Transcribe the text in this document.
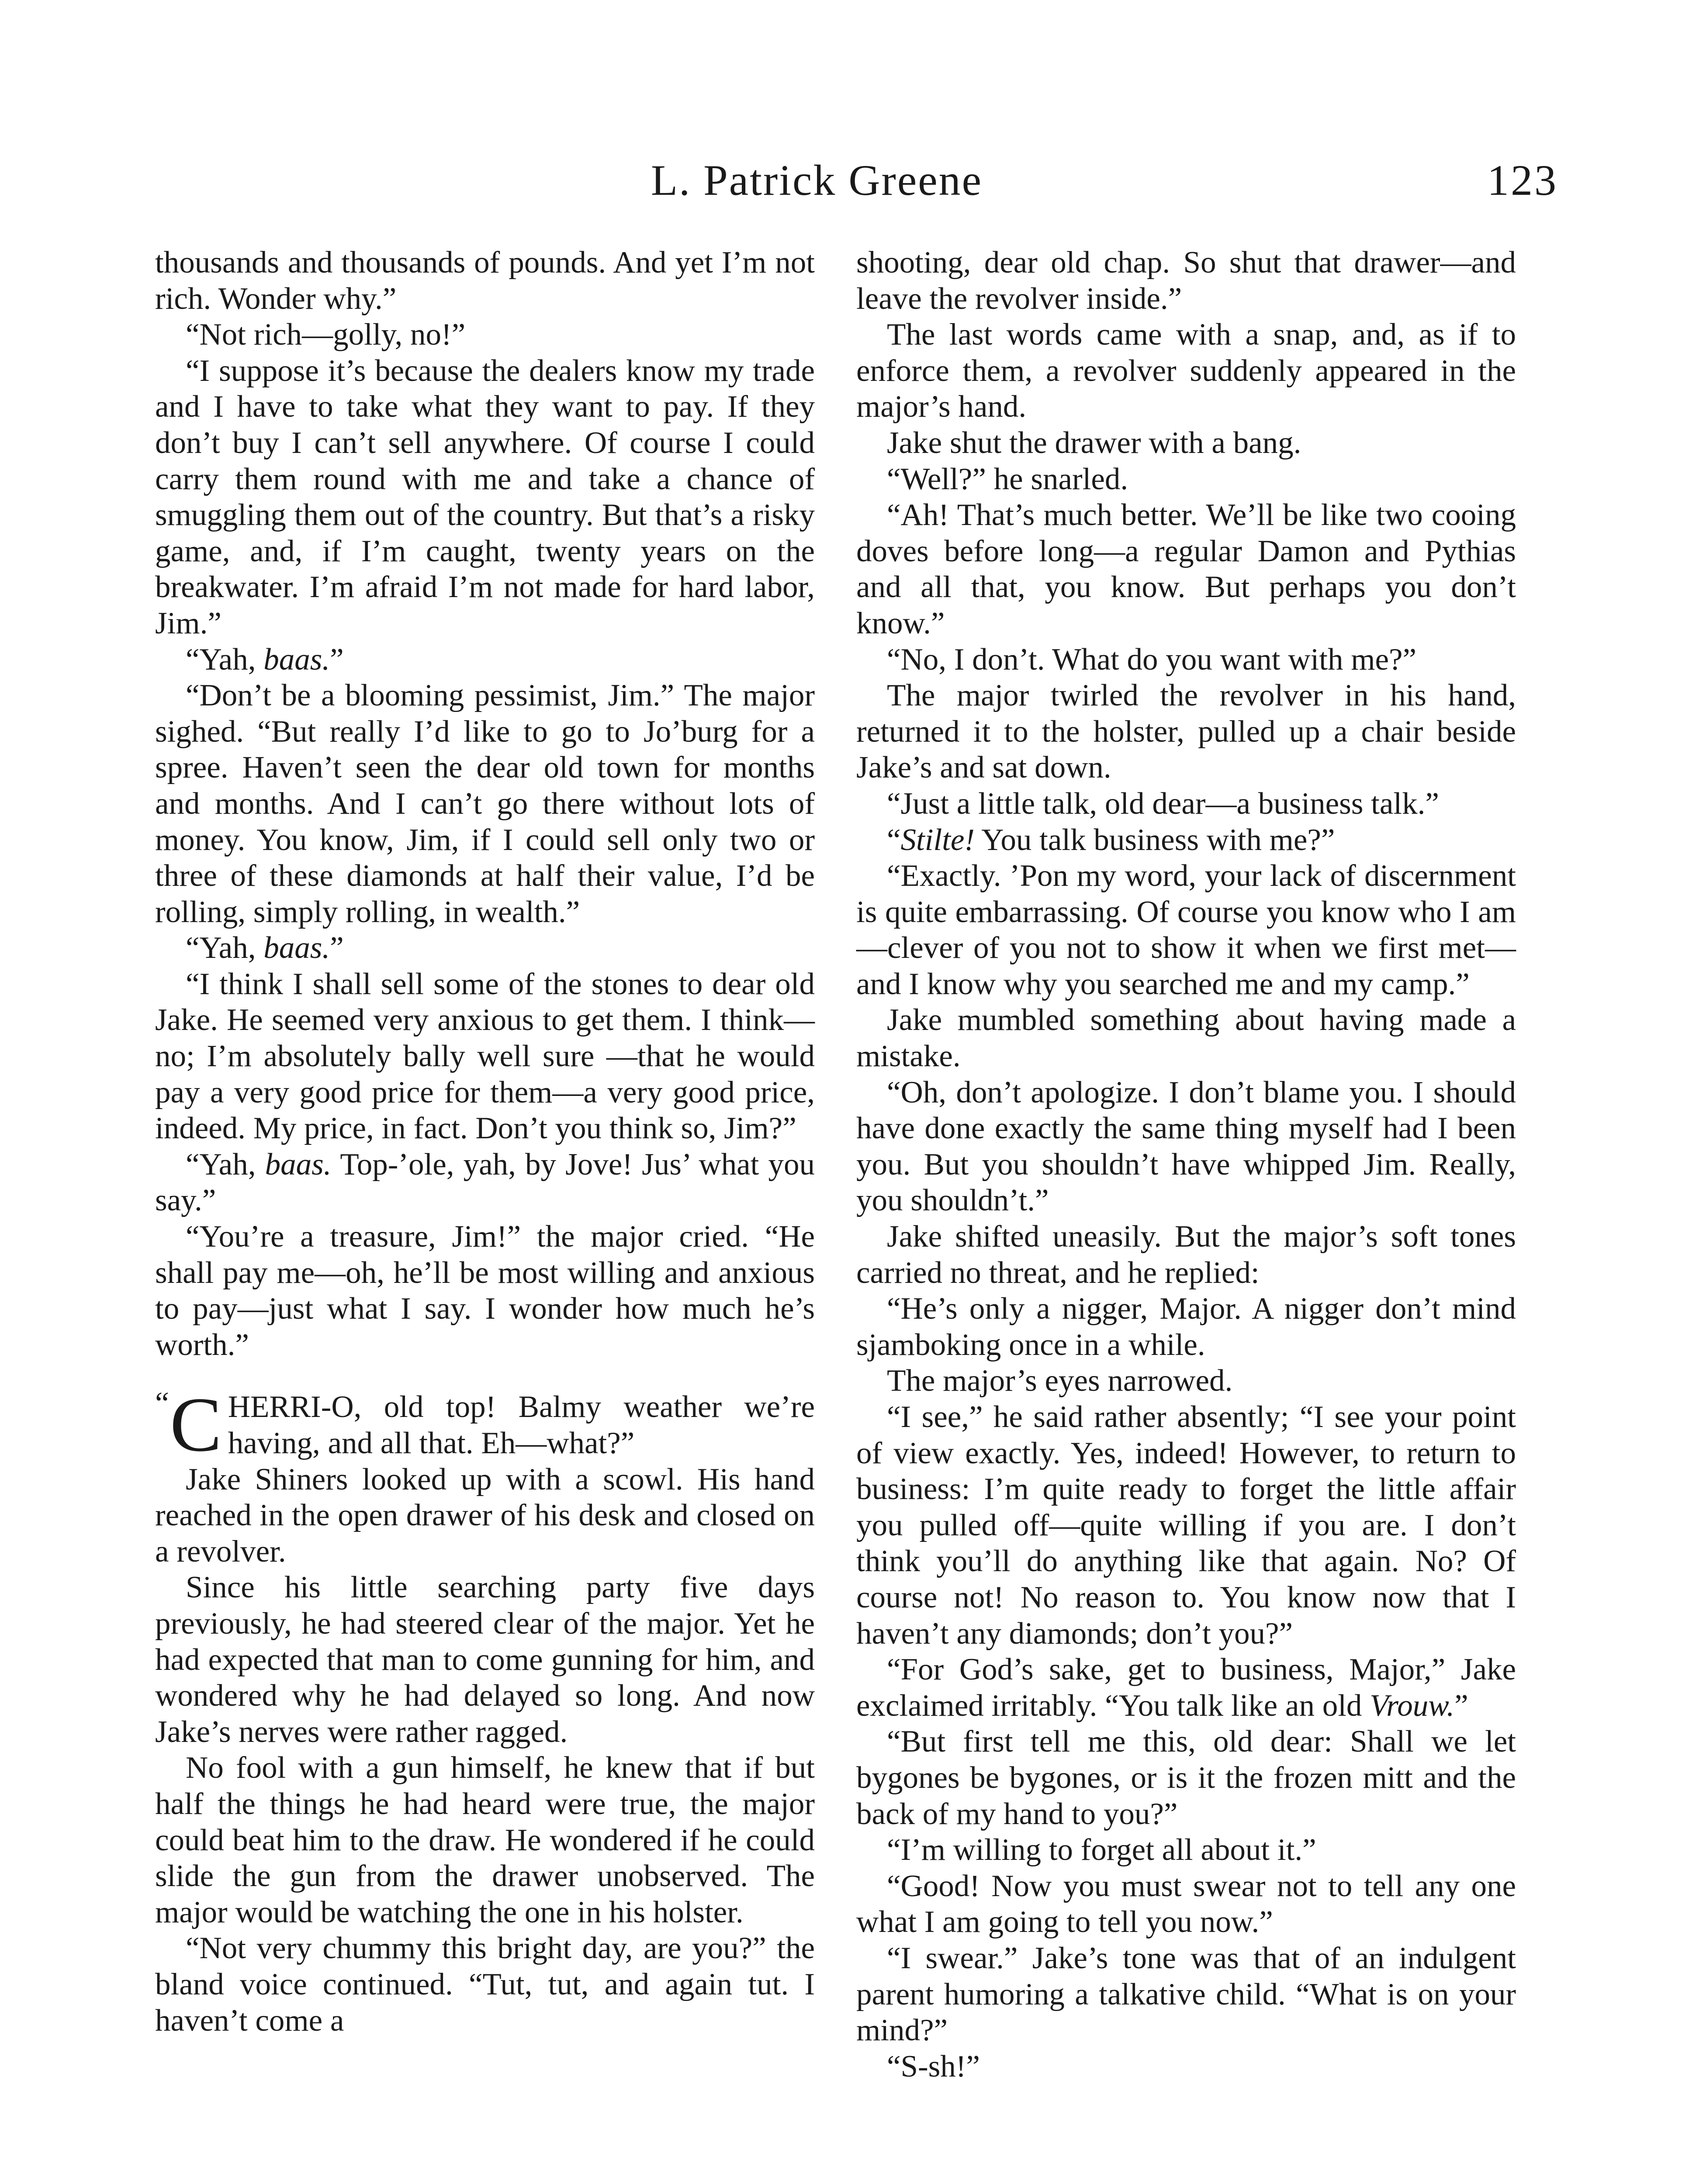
L. Patrick Greene	123

thousands and thousands of pounds. And yet I’m not rich. Wonder why.”

“Not rich—golly, no!”

“I suppose it’s because the dealers know my trade and I have to take what they want to pay. If they don’t buy I can’t sell anywhere. Of course I could carry them round with me and take a chance of smuggling them out of the country. But that’s a risky game, and, if I’m caught, twenty years on the breakwater. I’m afraid I’m not made for hard labor, Jim.”

“Yah, baas.”

“Don’t be a blooming pessimist, Jim.” The major sighed. “But really I’d like to go to Jo’burg for a spree. Haven’t seen the dear old town for months and months. And I can’t go there without lots of money. You know, Jim, if I could sell only two or three of these diamonds at half their value, I’d be rolling, simply rolling, in wealth.”

“Yah, baas.”

“I think I shall sell some of the stones to dear old Jake. He seemed very anxious to get them. I think—no; I’m absolutely bally well sure —that he would pay a very good price for them—a very good price, indeed. My price, in fact. Don’t you think so, Jim?”

“Yah, baas. Top-’ole, yah, by Jove! Jus’ what you say.”

“You’re a treasure, Jim!” the major cried. “He shall pay me—oh, he’ll be most willing and anxious to pay—just what I say. I wonder how much he’s worth.”

“ C HERRI-O, old top! Balmy weather we’re having, and all that. Eh—what?”

Jake Shiners looked up with a scowl. His hand reached in the open drawer of his desk and closed on a revolver.

Since his little searching party five days previously, he had steered clear of the major. Yet he had expected that man to come gunning for him, and wondered why he had delayed so long. And now Jake’s nerves were rather ragged.

No fool with a gun himself, he knew that if but half the things he had heard were true, the major could beat him to the draw. He wondered if he could slide the gun from the drawer unobserved. The major would be watching the one in his holster.

“Not very chummy this bright day, are you?” the bland voice continued. “Tut, tut, and again tut. I haven’t come a

shooting, dear old chap. So shut that drawer—and leave the revolver inside.”

The last words came with a snap, and, as if to enforce them, a revolver suddenly appeared in the major’s hand.

Jake shut the drawer with a bang.

“Well?” he snarled.

“Ah! That’s much better. We’ll be like two cooing doves before long—a regular Damon and Pythias and all that, you know. But perhaps you don’t know.”

“No, I don’t. What do you want with me?”

The major twirled the revolver in his hand, returned it to the holster, pulled up a chair beside Jake’s and sat down.

“Just a little talk, old dear—a business talk.”

“Stilte! You talk business with me?”

“Exactly. ’Pon my word, your lack of discernment is quite embarrassing. Of course you know who I am—clever of you not to show it when we first met—and I know why you searched me and my camp.”

Jake mumbled something about having made a mistake.

“Oh, don’t apologize. I don’t blame you. I should have done exactly the same thing myself had I been you. But you shouldn’t have whipped Jim. Really, you shouldn’t.”

Jake shifted uneasily. But the major’s soft tones carried no threat, and he replied:

“He’s only a nigger, Major. A nigger don’t mind sjamboking once in a while.

The major’s eyes narrowed.

“I see,” he said rather absently; “I see your point of view exactly. Yes, indeed! However, to return to business: I’m quite ready to forget the little affair you pulled off—quite willing if you are. I don’t think you’ll do anything like that again. No? Of course not! No reason to. You know now that I haven’t any diamonds; don’t you?”

“For God’s sake, get to business, Major,” Jake exclaimed irritably. “You talk like an old Vrouw.”

“But first tell me this, old dear: Shall we let bygones be bygones, or is it the frozen mitt and the back of my hand to you?”

“I’m willing to forget all about it.”

“Good! Now you must swear not to tell any one what I am going to tell you now.”

“I swear.” Jake’s tone was that of an indulgent parent humoring a talkative child. “What is on your mind?”

“S-sh!”
